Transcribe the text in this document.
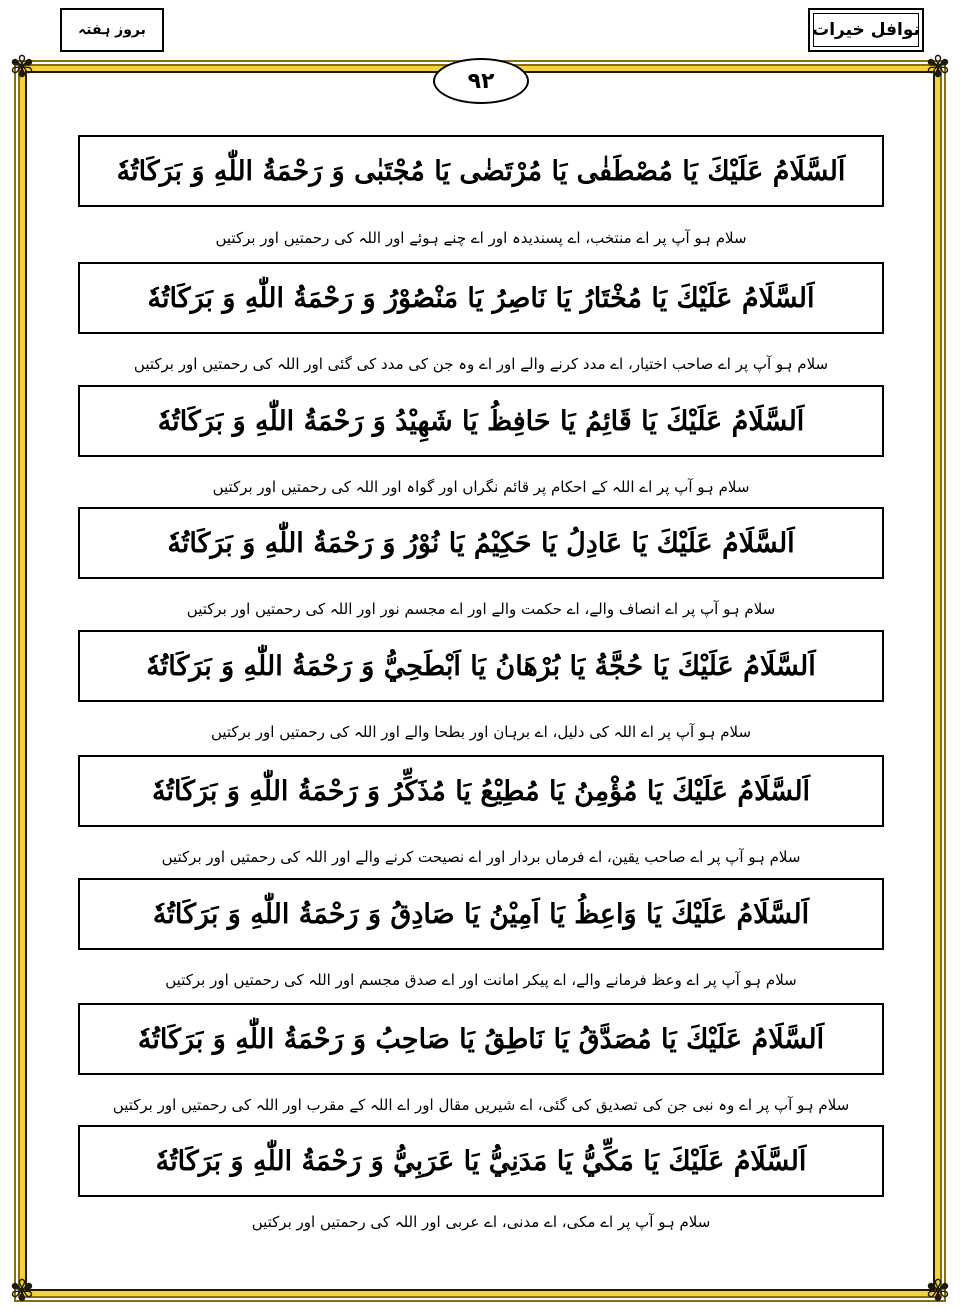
بروز ہفتہ	نوافل خیرات
✾	✾
✾	✾
۹۲
اَلسَّلَامُ عَلَيْكَ يَا مُصْطَفٰى يَا مُرْتَضٰى يَا مُجْتَبٰى وَ رَحْمَةُ اللّٰهِ وَ بَرَكَاتُهٗ
سلام ہو آپ پر اے منتخب، اے پسندیدہ اور اے چنے ہوئے اور اللہ کی رحمتیں اور برکتیں
اَلسَّلَامُ عَلَيْكَ يَا مُخْتَارُ يَا نَاصِرُ يَا مَنْصُوْرُ وَ رَحْمَةُ اللّٰهِ وَ بَرَكَاتُهٗ
سلام ہو آپ پر اے صاحب اختیار، اے مدد کرنے والے اور اے وہ جن کی مدد کی گئی اور اللہ کی رحمتیں اور برکتیں
اَلسَّلَامُ عَلَيْكَ يَا قَائِمُ يَا حَافِظُ يَا شَهِيْدُ وَ رَحْمَةُ اللّٰهِ وَ بَرَكَاتُهٗ
سلام ہو آپ پر اے اللہ کے احکام پر قائم نگراں اور گواہ اور اللہ کی رحمتیں اور برکتیں
اَلسَّلَامُ عَلَيْكَ يَا عَادِلُ يَا حَكِيْمُ يَا نُوْرُ وَ رَحْمَةُ اللّٰهِ وَ بَرَكَاتُهٗ
سلام ہو آپ پر اے انصاف والے، اے حکمت والے اور اے مجسم نور اور اللہ کی رحمتیں اور برکتیں
اَلسَّلَامُ عَلَيْكَ يَا حُجَّةُ يَا بُرْهَانُ يَا اَبْطَحِيُّ وَ رَحْمَةُ اللّٰهِ وَ بَرَكَاتُهٗ
سلام ہو آپ پر اے اللہ کی دلیل، اے برہان اور بطحا والے اور اللہ کی رحمتیں اور برکتیں
اَلسَّلَامُ عَلَيْكَ يَا مُؤْمِنُ يَا مُطِيْعُ يَا مُذَكِّرُ وَ رَحْمَةُ اللّٰهِ وَ بَرَكَاتُهٗ
سلام ہو آپ پر اے صاحب یقین، اے فرماں بردار اور اے نصیحت کرنے والے اور اللہ کی رحمتیں اور برکتیں
اَلسَّلَامُ عَلَيْكَ يَا وَاعِظُ يَا اَمِيْنُ يَا صَادِقُ وَ رَحْمَةُ اللّٰهِ وَ بَرَكَاتُهٗ
سلام ہو آپ پر اے وعظ فرمانے والے، اے پیکر امانت اور اے صدق مجسم اور اللہ کی رحمتیں اور برکتیں
اَلسَّلَامُ عَلَيْكَ يَا مُصَدَّقُ يَا نَاطِقُ يَا صَاحِبُ وَ رَحْمَةُ اللّٰهِ وَ بَرَكَاتُهٗ
سلام ہو آپ پر اے وہ نبی جن کی تصدیق کی گئی، اے شیریں مقال اور اے اللہ کے مقرب اور اللہ کی رحمتیں اور برکتیں
اَلسَّلَامُ عَلَيْكَ يَا مَكِّيُّ يَا مَدَنِيُّ يَا عَرَبِيُّ وَ رَحْمَةُ اللّٰهِ وَ بَرَكَاتُهٗ
سلام ہو آپ پر اے مکی، اے مدنی، اے عربی اور اللہ کی رحمتیں اور برکتیں
